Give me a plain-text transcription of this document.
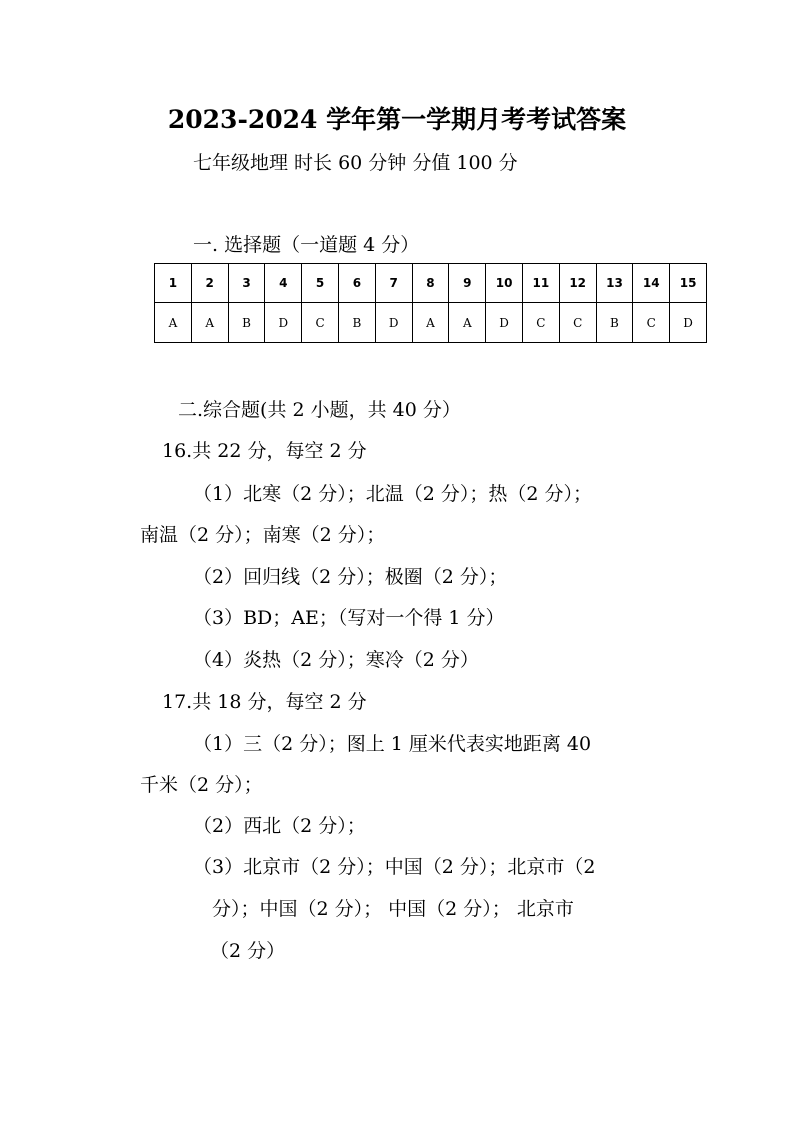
2023-2024 学年第一学期月考考试答案
七年级地理 时长 60 分钟 分值 100 分
一. 选择题（一道题 4 分）
1	2	3	4	5	6	7	8	9	10	11	12	13	14	15
A	A	B	D	C	B	D	A	A	D	C	C	B	C	D
二.综合题(共 2 小题，共 40 分）
16.共 22 分，每空 2 分
（1）北寒（2 分）；北温（2 分）；热（2 分）；
南温（2 分）；南寒（2 分）；
（2）回归线（2 分）；极圈（2 分）；
（3）BD；AE；（写对一个得 1 分）
（4）炎热（2 分）；寒冷（2 分）
17.共 18 分，每空 2 分
（1）三（2 分）；图上 1 厘米代表实地距离 40
千米（2 分）；
（2）西北（2 分）；
（3）北京市（2 分）；中国（2 分）；北京市（2
分）；中国（2 分）； 中国（2 分）； 北京市
（2 分）
